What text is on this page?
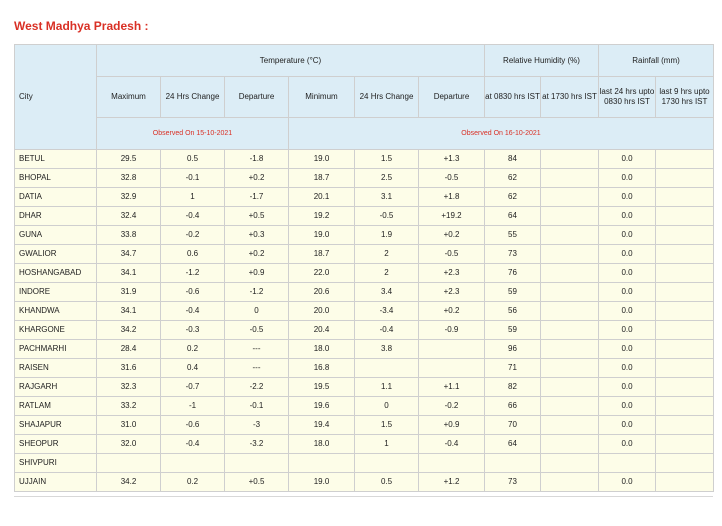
West Madhya Pradesh :
City	Temperature (°C)						Relative Humidity (%)		Rainfall (mm)	
	Maximum	24 Hrs Change	Departure	Minimum	24 Hrs Change	Departure	at 0830 hrs IST	at 1730 hrs IST	last 24 hrs upto 0830 hrs IST	last 9 hrs upto 1730 hrs IST
	Observed On 15-10-2021			Observed On 16-10-2021						
BETUL	29.5	0.5	-1.8	19.0	1.5	+1.3	84		0.0	
BHOPAL	32.8	-0.1	+0.2	18.7	2.5	-0.5	62		0.0	
DATIA	32.9	1	-1.7	20.1	3.1	+1.8	62		0.0	
DHAR	32.4	-0.4	+0.5	19.2	-0.5	+19.2	64		0.0	
GUNA	33.8	-0.2	+0.3	19.0	1.9	+0.2	55		0.0	
GWALIOR	34.7	0.6	+0.2	18.7	2	-0.5	73		0.0	
HOSHANGABAD	34.1	-1.2	+0.9	22.0	2	+2.3	76		0.0	
INDORE	31.9	-0.6	-1.2	20.6	3.4	+2.3	59		0.0	
KHANDWA	34.1	-0.4	0	20.0	-3.4	+0.2	56		0.0	
KHARGONE	34.2	-0.3	-0.5	20.4	-0.4	-0.9	59		0.0	
PACHMARHI	28.4	0.2	---	18.0	3.8		96		0.0	
RAISEN	31.6	0.4	---	16.8			71		0.0	
RAJGARH	32.3	-0.7	-2.2	19.5	1.1	+1.1	82		0.0	
RATLAM	33.2	-1	-0.1	19.6	0	-0.2	66		0.0	
SHAJAPUR	31.0	-0.6	-3	19.4	1.5	+0.9	70		0.0	
SHEOPUR	32.0	-0.4	-3.2	18.0	1	-0.4	64		0.0	
SHIVPURI										
UJJAIN	34.2	0.2	+0.5	19.0	0.5	+1.2	73		0.0	
